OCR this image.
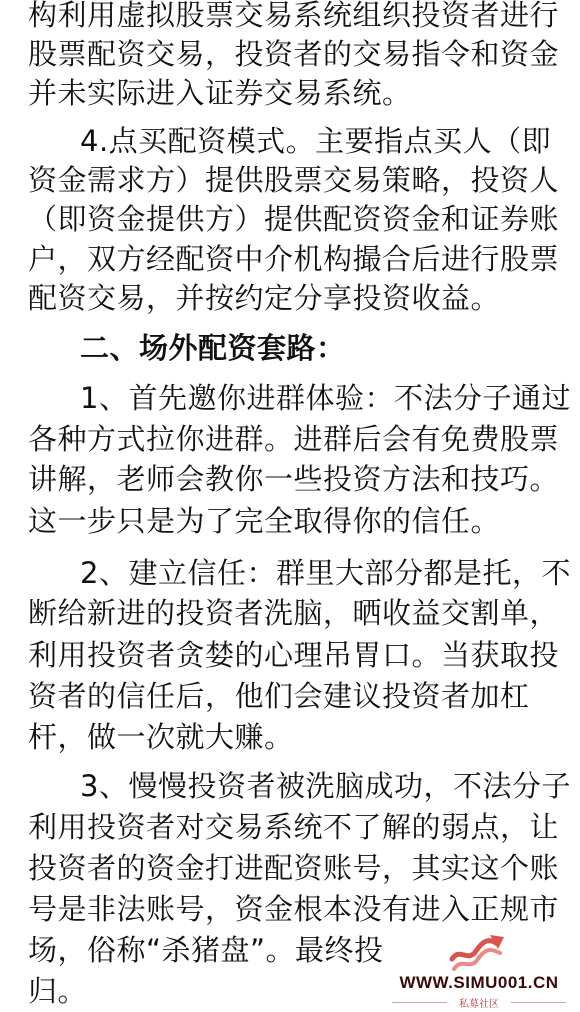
构利用虚拟股票交易系统组织投资者进行
股票配资交易，投资者的交易指令和资金
并未实际进入证券交易系统。
4.点买配资模式。主要指点买人（即
资金需求方）提供股票交易策略，投资人
（即资金提供方）提供配资资金和证券账
户，双方经配资中介机构撮合后进行股票
配资交易，并按约定分享投资收益。
二、场外配资套路：
1、首先邀你进群体验：不法分子通过
各种方式拉你进群。进群后会有免费股票
讲解，老师会教你一些投资方法和技巧。
这一步只是为了完全取得你的信任。
2、建立信任：群里大部分都是托，不
断给新进的投资者洗脑，晒收益交割单，
利用投资者贪婪的心理吊胃口。当获取投
资者的信任后，他们会建议投资者加杠
杆，做一次就大赚。
3、慢慢投资者被洗脑成功，不法分子
利用投资者对交易系统不了解的弱点，让
投资者的资金打进配资账号，其实这个账
号是非法账号，资金根本没有进入正规市
场，俗称“杀猪盘”。最终投
归。	WWW.SIMU001.CN
私募社区
